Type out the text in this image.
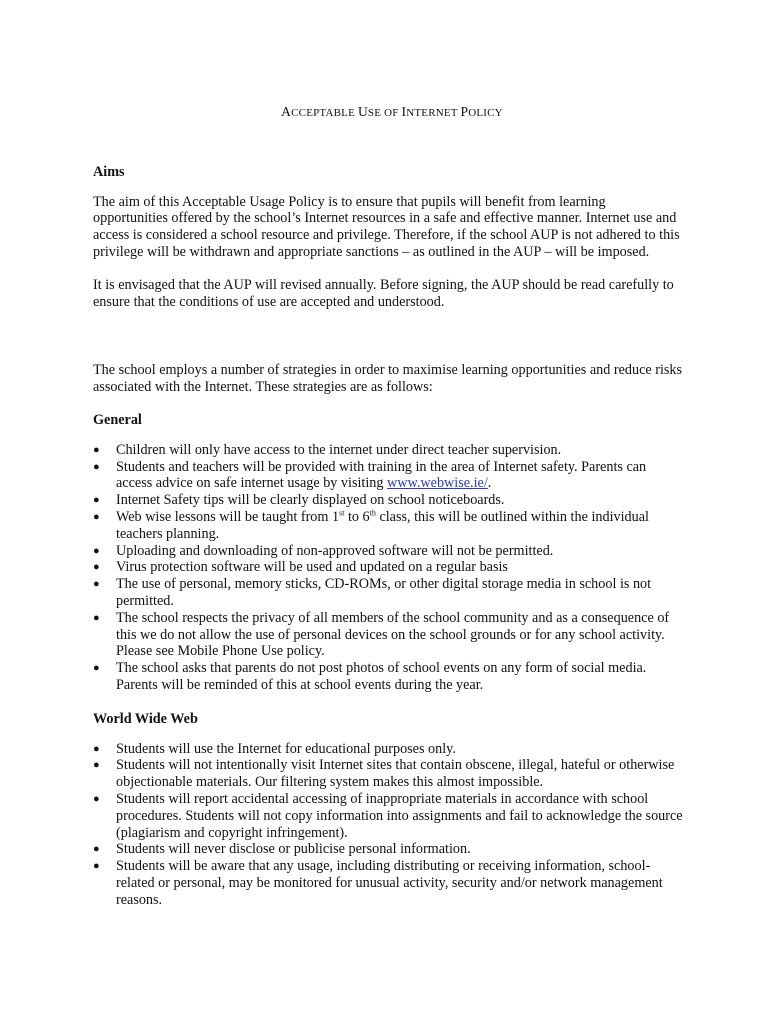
ACCEPTABLE USE OF INTERNET POLICY
Aims

The aim of this Acceptable Usage Policy is to ensure that pupils will benefit from learning opportunities offered by the school’s Internet resources in a safe and effective manner. Internet use and access is considered a school resource and privilege. Therefore, if the school AUP is not adhered to this privilege will be withdrawn and appropriate sanctions – as outlined in the AUP – will be imposed.

It is envisaged that the AUP will revised annually. Before signing, the AUP should be read carefully to ensure that the conditions of use are accepted and understood.

The school employs a number of strategies in order to maximise learning opportunities and reduce risks associated with the Internet. These strategies are as follows:

General
● Children will only have access to the internet under direct teacher supervision.
● Students and teachers will be provided with training in the area of Internet safety. Parents can access advice on safe internet usage by visiting www.webwise.ie/.
● Internet Safety tips will be clearly displayed on school noticeboards.
● Web wise lessons will be taught from 1st to 6th class, this will be outlined within the individual teachers planning.
● Uploading and downloading of non-approved software will not be permitted.
● Virus protection software will be used and updated on a regular basis
● The use of personal, memory sticks, CD-ROMs, or other digital storage media in school is not permitted.
● The school respects the privacy of all members of the school community and as a consequence of this we do not allow the use of personal devices on the school grounds or for any school activity. Please see Mobile Phone Use policy.
● The school asks that parents do not post photos of school events on any form of social media. Parents will be reminded of this at school events during the year.
World Wide Web
● Students will use the Internet for educational purposes only.
● Students will not intentionally visit Internet sites that contain obscene, illegal, hateful or otherwise objectionable materials. Our filtering system makes this almost impossible.
● Students will report accidental accessing of inappropriate materials in accordance with school procedures. Students will not copy information into assignments and fail to acknowledge the source (plagiarism and copyright infringement).
● Students will never disclose or publicise personal information.
● Students will be aware that any usage, including distributing or receiving information, school-related or personal, may be monitored for unusual activity, security and/or network management reasons.
